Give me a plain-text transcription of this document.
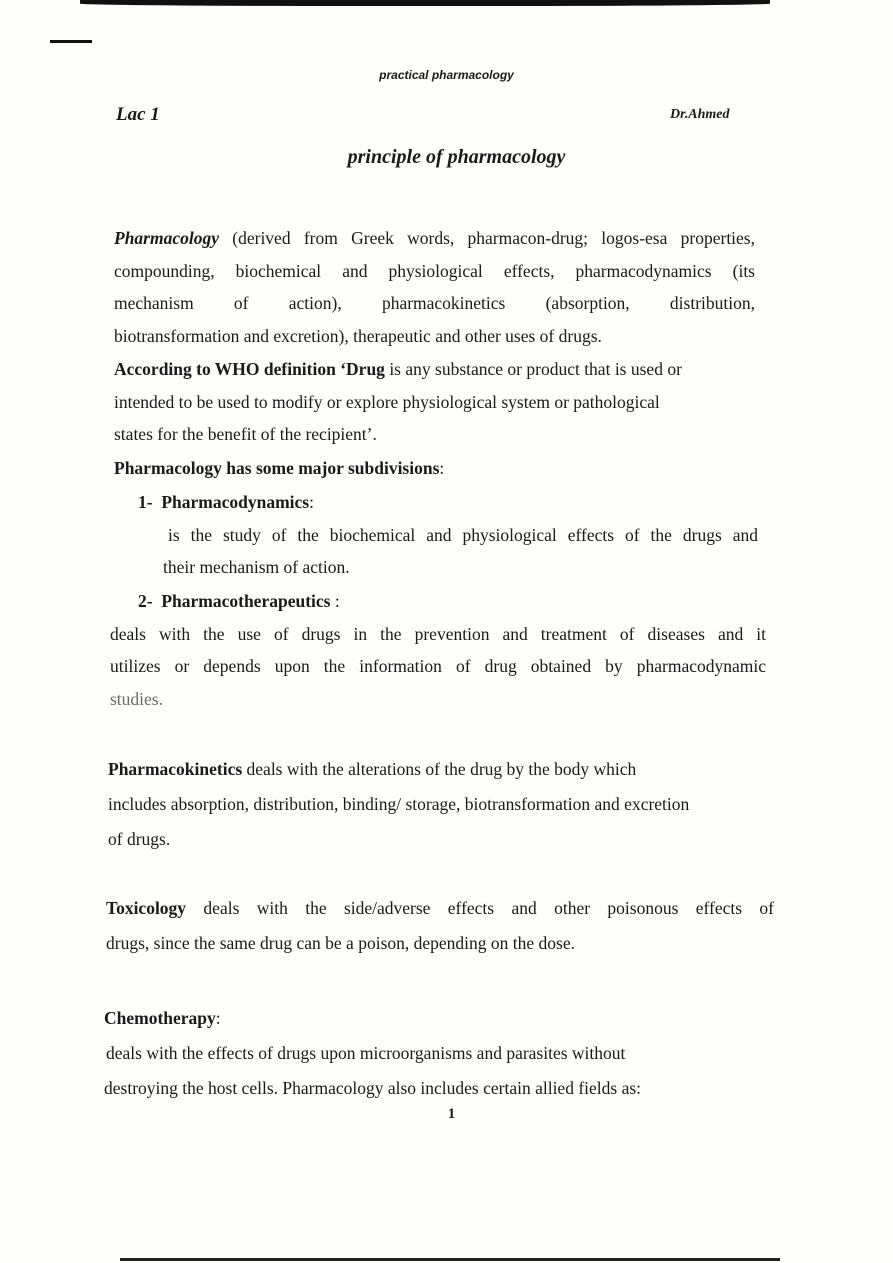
practical pharmacology
Lac 1	Dr.Ahmed
principle of pharmacology
Pharmacology (derived from Greek words, pharmacon-drug; logos-esa properties,
compounding, biochemical and physiological effects, pharmacodynamics (its
mechanism of action), pharmacokinetics (absorption, distribution,
biotransformation and excretion), therapeutic and other uses of drugs.
According to WHO definition ‘Drug is any substance or product that is used or
intended to be used to modify or explore physiological system or pathological
states for the benefit of the recipient’.
Pharmacology has some major subdivisions:
1- Pharmacodynamics:
is the study of the biochemical and physiological effects of the drugs and
their mechanism of action.
2- Pharmacotherapeutics :
deals with the use of drugs in the prevention and treatment of diseases and it
utilizes or depends upon the information of drug obtained by pharmacodynamic
studies.
Pharmacokinetics deals with the alterations of the drug by the body which
includes absorption, distribution, binding/ storage, biotransformation and excretion
of drugs.
Toxicology deals with the side/adverse effects and other poisonous effects of
drugs, since the same drug can be a poison, depending on the dose.
Chemotherapy:
deals with the effects of drugs upon microorganisms and parasites without
destroying the host cells. Pharmacology also includes certain allied fields as:
1
